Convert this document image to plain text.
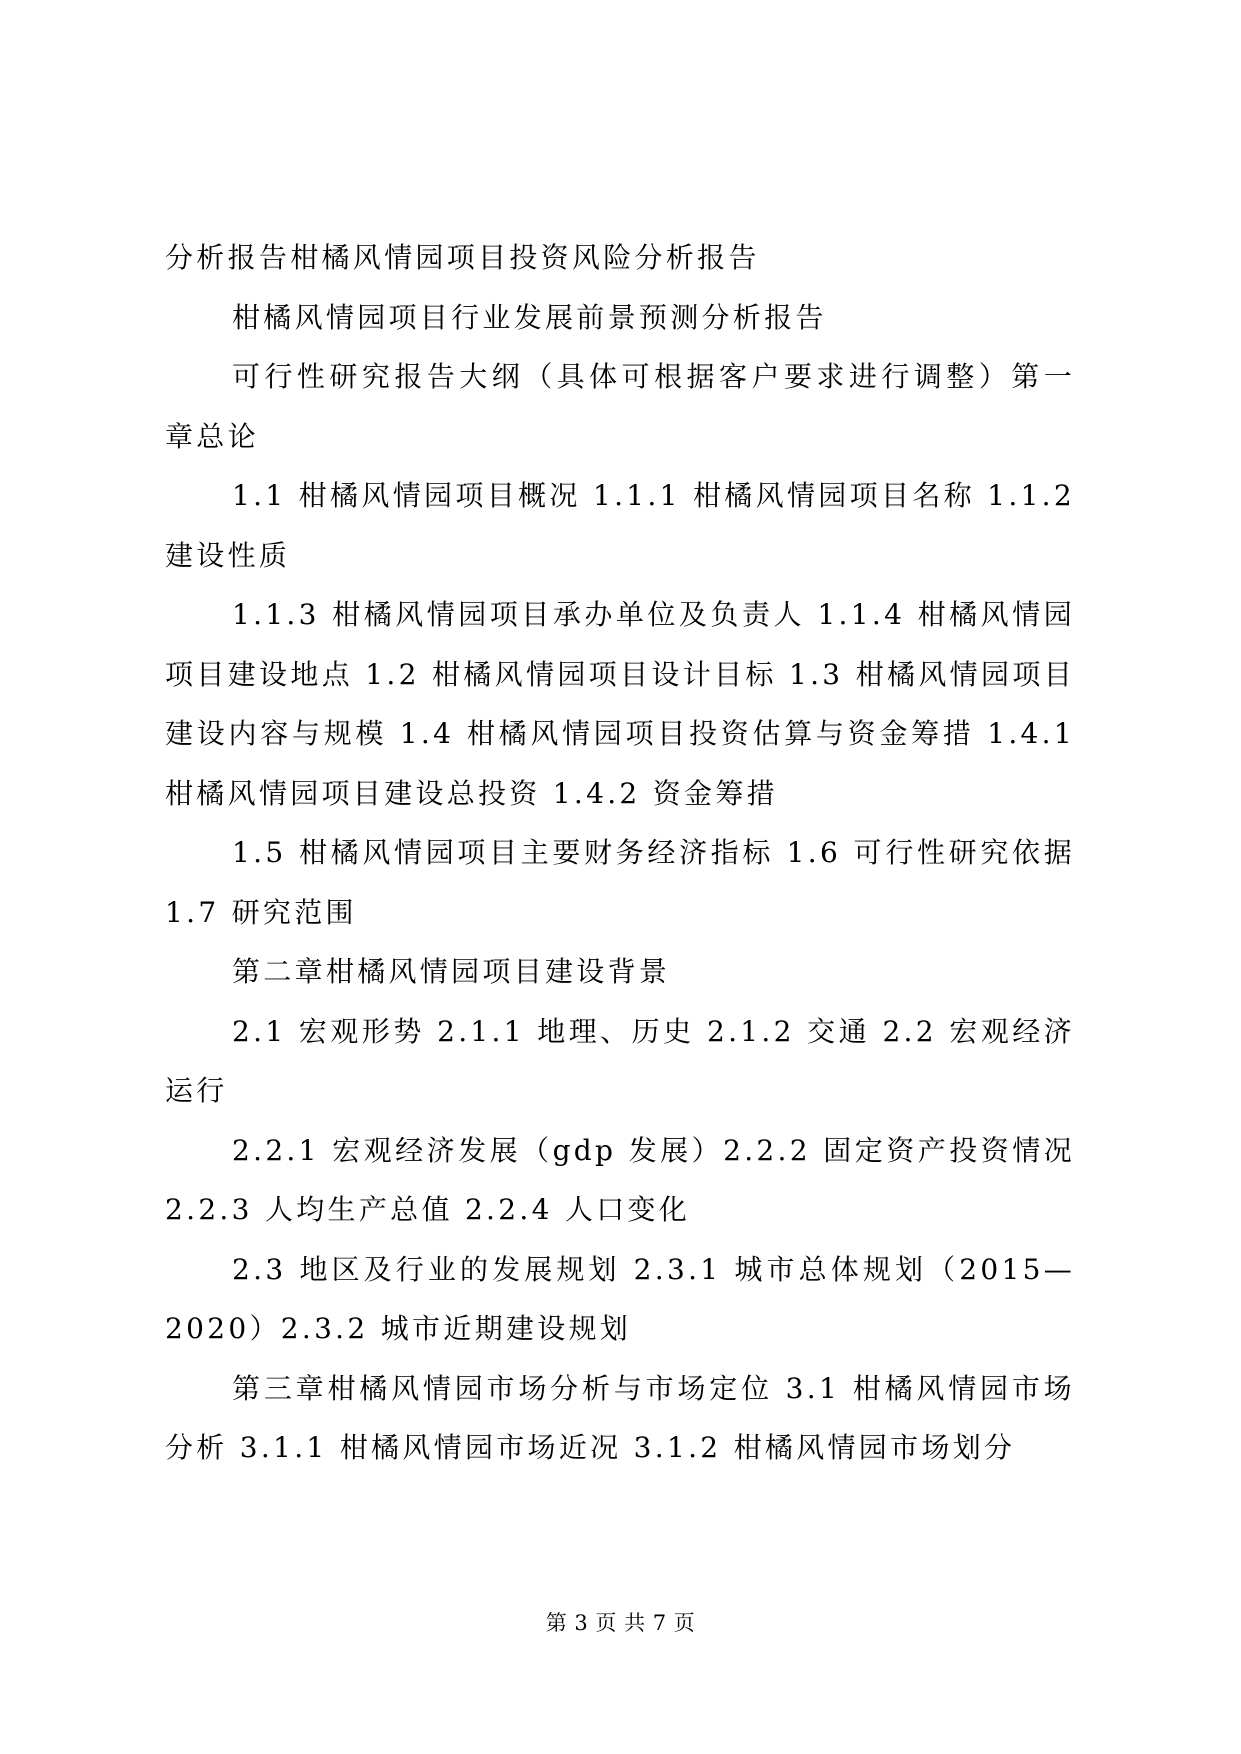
分析报告柑橘风情园项目投资风险分析报告

柑橘风情园项目行业发展前景预测分析报告

可行性研究报告大纲（具体可根据客户要求进行调整）第一章总论

1.1 柑橘风情园项目概况 1.1.1 柑橘风情园项目名称 1.1.2 建设性质

1.1.3 柑橘风情园项目承办单位及负责人 1.1.4 柑橘风情园项目建设地点 1.2 柑橘风情园项目设计目标 1.3 柑橘风情园项目建设内容与规模 1.4 柑橘风情园项目投资估算与资金筹措 1.4.1 柑橘风情园项目建设总投资 1.4.2 资金筹措

1.5 柑橘风情园项目主要财务经济指标 1.6 可行性研究依据 1.7 研究范围

第二章柑橘风情园项目建设背景

2.1 宏观形势 2.1.1 地理、历史 2.1.2 交通 2.2 宏观经济运行

2.2.1 宏观经济发展（gdp 发展）2.2.2 固定资产投资情况 2.2.3 人均生产总值 2.2.4 人口变化

2.3 地区及行业的发展规划 2.3.1 城市总体规划（2015—2020）2.3.2 城市近期建设规划

第三章柑橘风情园市场分析与市场定位 3.1 柑橘风情园市场分析 3.1.1 柑橘风情园市场近况 3.1.2 柑橘风情园市场划分

第 3 页 共 7 页
